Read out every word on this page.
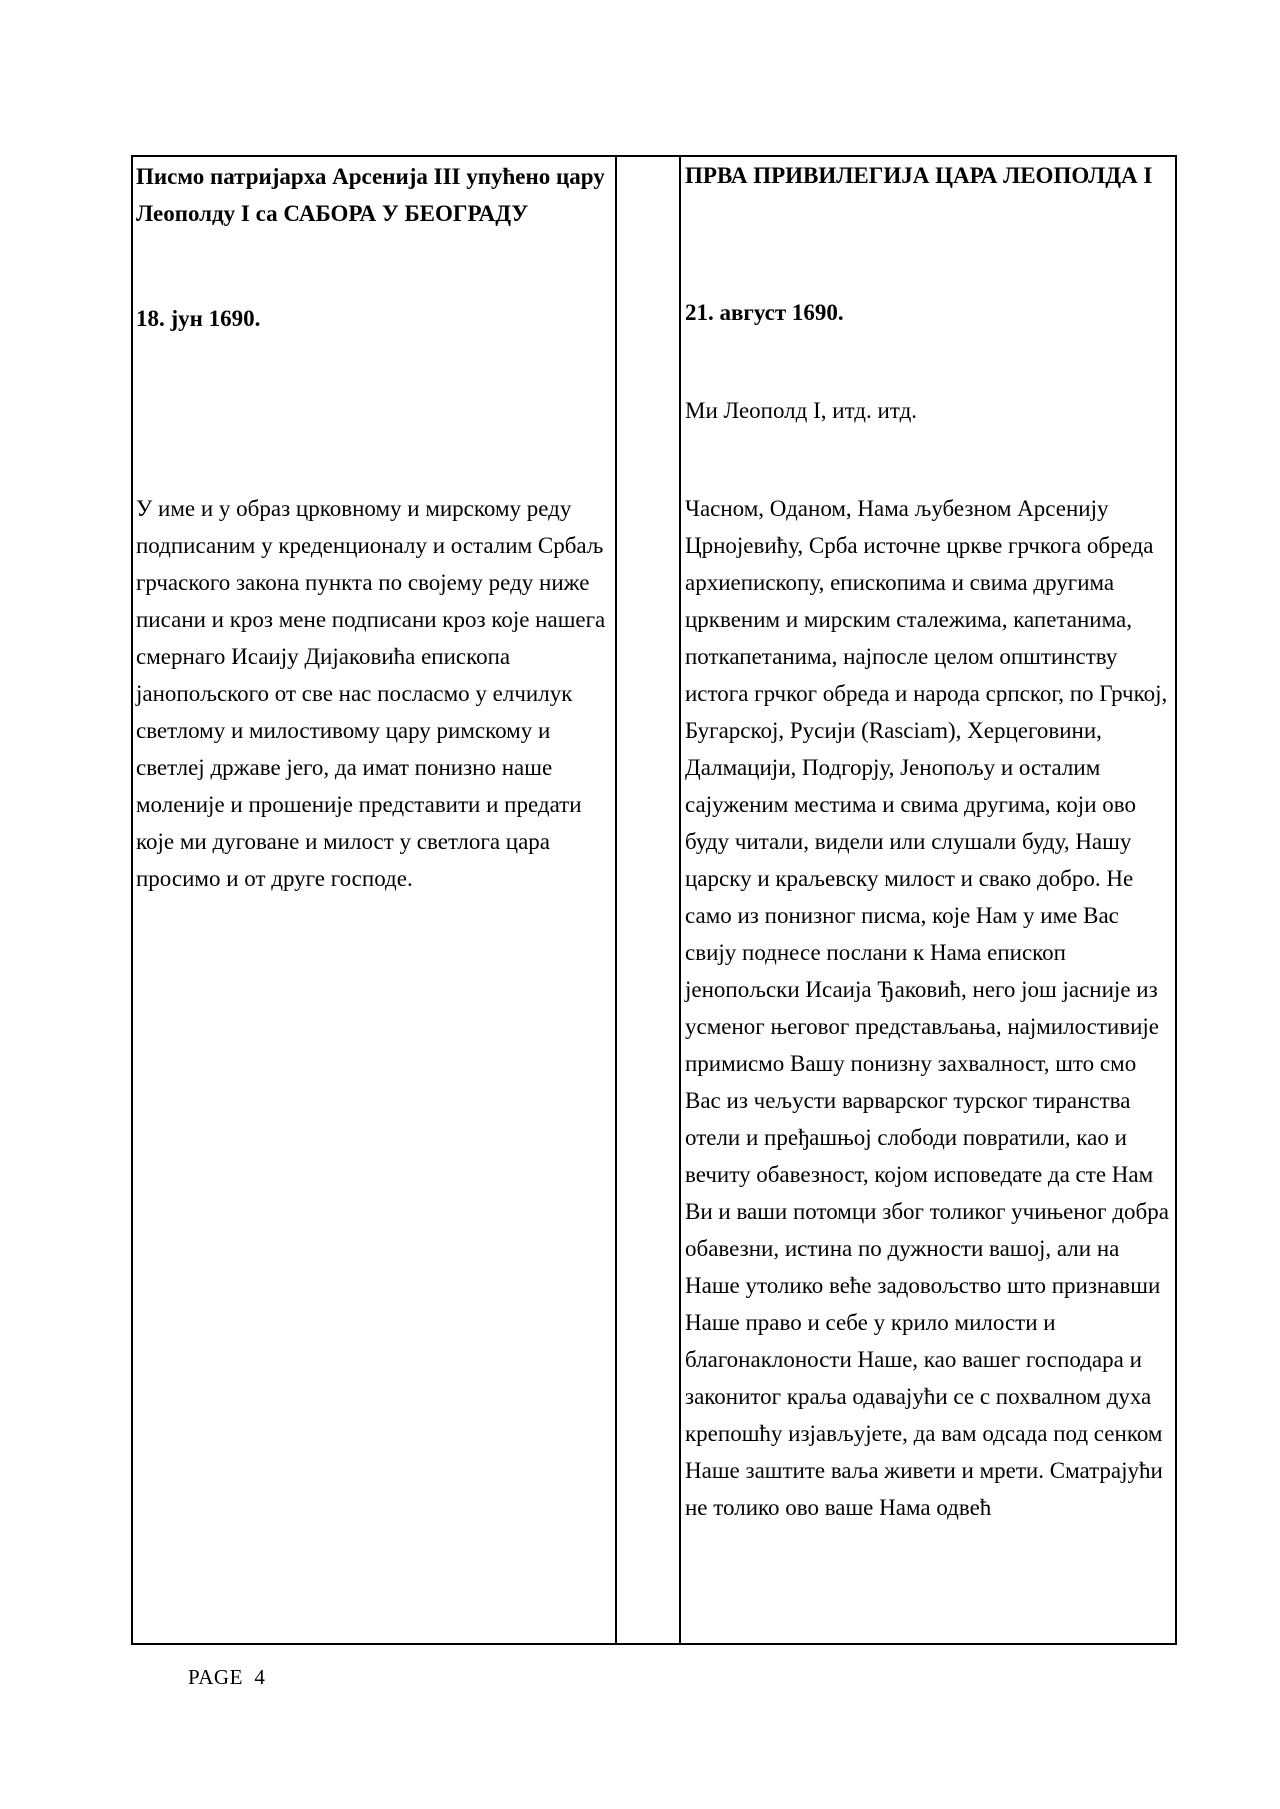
Писмо патријарха Арсенија III упућено цару Леополду I са САБОРА У БЕОГРАДУ

18. јун 1690.

У име и у образ црковному и мирскому реду подписаним у креденционалу и осталим Србаљ грчаского закона пункта по својему реду ниже писани и кроз мене подписани кроз које нашега смернаго Исаију Дијаковића епископа јанопољского от све нас посласмо у елчилук светлому и милостивому цару римскому и светлеј државе јего, да имат понизно наше моленије и прошеније представити и предати које ми дуговане и милост у светлога цара просимо и от друге господе.

ПРВА ПРИВИЛЕГИЈА ЦАРА ЛЕОПОЛДА I

21. август 1690.

Ми Леополд I, итд. итд.

Часном, Оданом, Нама љубезном Арсенију Црнојевићу, Срба источне цркве грчкога обреда архиепископу, епископима и свима другима црквеним и мирским сталежима, капетанима, поткапетанима, најпосле целом општинству истога грчког обреда и народа српског, по Грчкој, Бугарској, Русији (Rasciam), Херцеговини, Далмацији, Подгорју, Јенопољу и осталим сајуженим местима и свима другима, који ово буду читали, видели или слушали буду, Нашу царску и краљевску милост и свако добро. Не само из понизног писма, које Нам у име Вас свију поднесе послани к Нама епископ јенопољски Исаија Ђаковић, него још јасније из усменог његовог представљања, најмилостивије примисмо Вашу понизну захвалност, што смо Вас из чељусти варварског турског тиранства отели и пређашњој слободи повратили, као и вечиту обавезност, којом исповедате да сте Нам Ви и ваши потомци због толиког учињеног добра обавезни, истина по дужности вашој, али на Наше утолико веће задовољство што признавши Наше право и себе у крило милости и благонаклоности Наше, као вашег господара и законитог краља одавајући се с похвалном духа крепошћу изјављујете, да вам одсада под сенком Наше заштите ваља живети и мрети. Сматрајући не толико ово ваше Нама одвећ

PAGE 4
